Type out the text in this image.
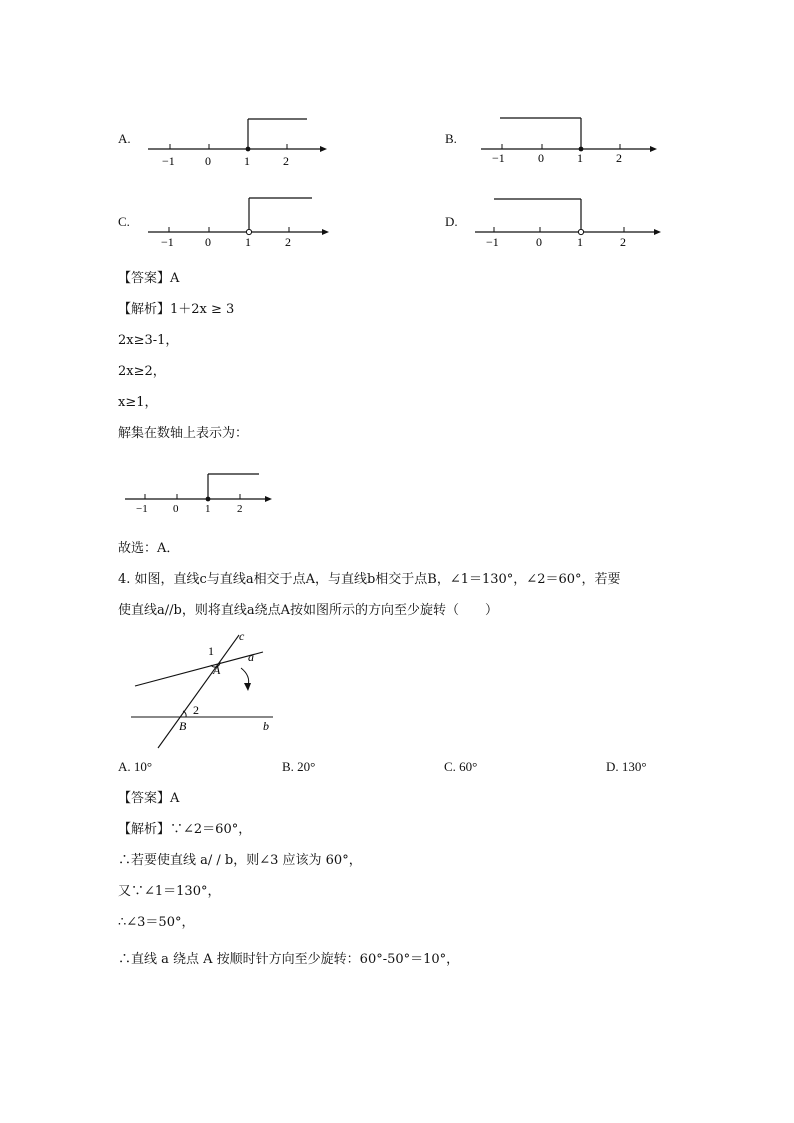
A.
−1	0	1	2
B.
−1	0	1	2
C.
−1	0	1	2
D.
−1	0	1	2
【答案】A
【解析】1＋2x ≥ 3
2x≥3-1，
2x≥2，
x≥1，
解集在数轴上表示为：
−1 0 1 2
故选：A．
4. 如图，直线c与直线a相交于点A，与直线b相交于点B，∠1＝130°，∠2＝60°，若要
使直线a//b，则将直线a绕点A按如图所示的方向至少旋转（　　）
c
a
1
A
2
B	b
A. 10°	B. 20°	C. 60°	D. 130°
【答案】A
【解析】∵∠2＝60°，
∴若要使直线 a/ / b，则∠3 应该为 60°，
又∵∠1＝130°，
∴∠3＝50°，
∴直线 a 绕点 A 按顺时针方向至少旋转：60°-50°＝10°，
